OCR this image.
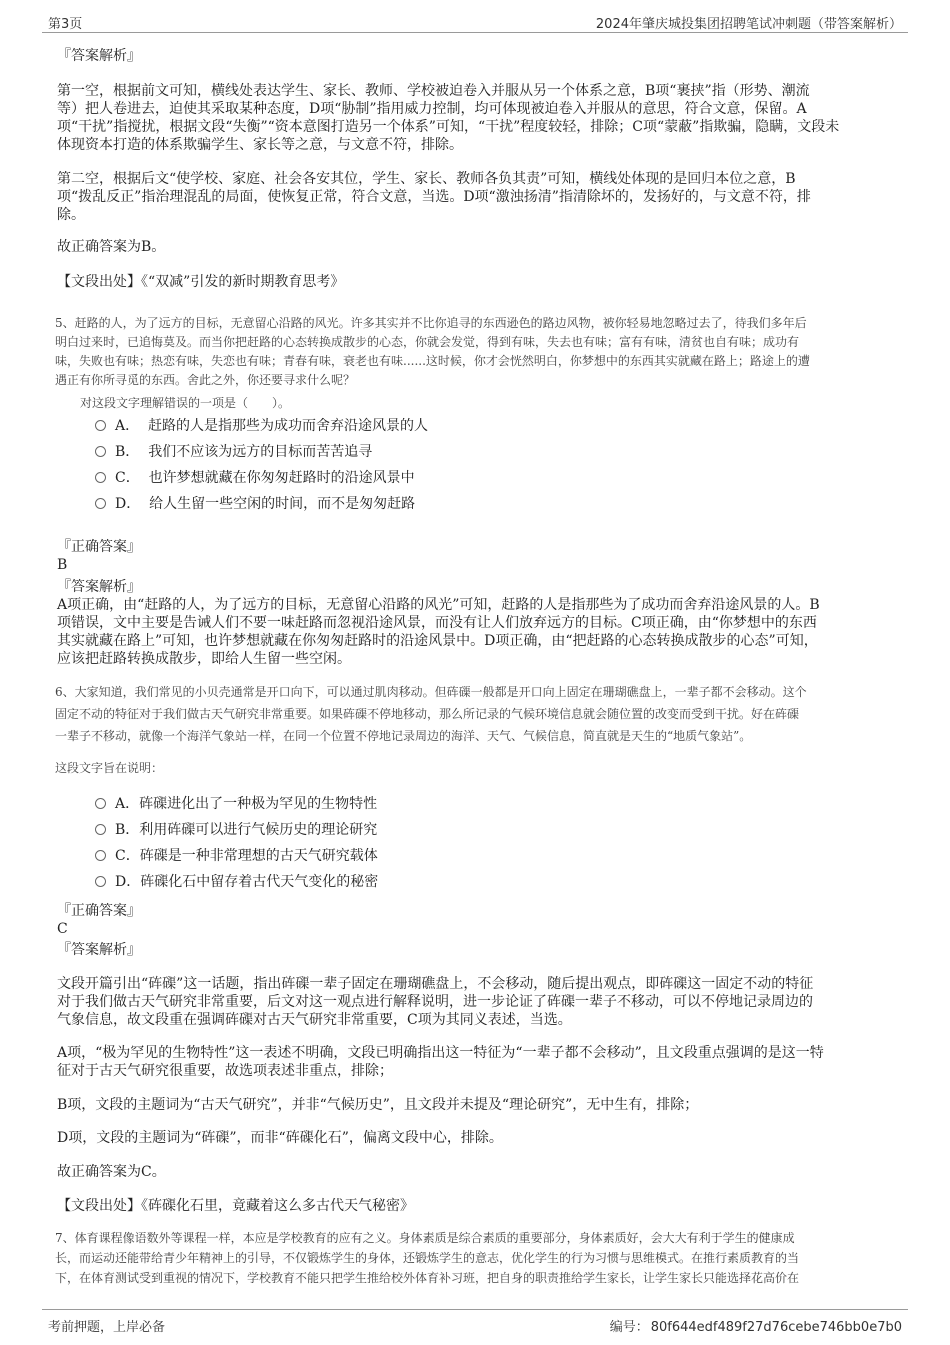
第3页	2024年肇庆城投集团招聘笔试冲刺题（带答案解析）
『答案解析』
第一空，根据前文可知，横线处表达学生、家长、教师、学校被迫卷入并服从另一个体系之意，B项“裹挟”指（形势、潮流
等）把人卷进去，迫使其采取某种态度，D项“胁制”指用威力控制，均可体现被迫卷入并服从的意思，符合文意，保留。A
项“干扰”指搅扰，根据文段“失衡”“资本意图打造另一个体系”可知，“干扰”程度较轻，排除；C项“蒙蔽”指欺骗，隐瞒，文段未
体现资本打造的体系欺骗学生、家长等之意，与文意不符，排除。
第二空，根据后文“使学校、家庭、社会各安其位，学生、家长、教师各负其责”可知，横线处体现的是回归本位之意，B
项“拨乱反正”指治理混乱的局面，使恢复正常，符合文意，当选。D项“激浊扬清”指清除坏的，发扬好的，与文意不符，排
除。
故正确答案为B。
【文段出处】《“双减”引发的新时期教育思考》
5、赶路的人，为了远方的目标，无意留心沿路的风光。许多其实并不比你追寻的东西逊色的路边风物，被你轻易地忽略过去了，待我们多年后
明白过来时，已追悔莫及。而当你把赶路的心态转换成散步的心态，你就会发觉，得到有味，失去也有味；富有有味，清贫也自有味；成功有
味，失败也有味；热恋有味，失恋也有味；青春有味，衰老也有味......这时候，你才会恍然明白，你梦想中的东西其实就藏在路上；路途上的遭
遇正有你所寻觅的东西。舍此之外，你还要寻求什么呢？
对这段文字理解错误的一项是（　　）。
A． 赶路的人是指那些为成功而舍弃沿途风景的人
B． 我们不应该为远方的目标而苦苦追寻
C． 也许梦想就藏在你匆匆赶路时的沿途风景中
D． 给人生留一些空闲的时间，而不是匆匆赶路
『正确答案』
B
『答案解析』
A项正确，由“赶路的人，为了远方的目标，无意留心沿路的风光”可知，赶路的人是指那些为了成功而舍弃沿途风景的人。B
项错误，文中主要是告诫人们不要一味赶路而忽视沿途风景，而没有让人们放弃远方的目标。C项正确，由“你梦想中的东西
其实就藏在路上”可知，也许梦想就藏在你匆匆赶路时的沿途风景中。D项正确，由“把赶路的心态转换成散步的心态”可知，
应该把赶路转换成散步，即给人生留一些空闲。
6、大家知道，我们常见的小贝壳通常是开口向下，可以通过肌肉移动。但砗磲一般都是开口向上固定在珊瑚礁盘上，一辈子都不会移动。这个
固定不动的特征对于我们做古天气研究非常重要。如果砗磲不停地移动，那么所记录的气候环境信息就会随位置的改变而受到干扰。好在砗磲
一辈子不移动，就像一个海洋气象站一样，在同一个位置不停地记录周边的海洋、天气、气候信息，简直就是天生的“地质气象站”。
这段文字旨在说明：
A．砗磲进化出了一种极为罕见的生物特性
B．利用砗磲可以进行气候历史的理论研究
C．砗磲是一种非常理想的古天气研究载体
D．砗磲化石中留存着古代天气变化的秘密
『正确答案』
C
『答案解析』
文段开篇引出“砗磲”这一话题，指出砗磲一辈子固定在珊瑚礁盘上，不会移动，随后提出观点，即砗磲这一固定不动的特征
对于我们做古天气研究非常重要，后文对这一观点进行解释说明，进一步论证了砗磲一辈子不移动，可以不停地记录周边的
气象信息，故文段重在强调砗磲对古天气研究非常重要，C项为其同义表述，当选。
A项，“极为罕见的生物特性”这一表述不明确，文段已明确指出这一特征为“一辈子都不会移动”，且文段重点强调的是这一特
征对于古天气研究很重要，故选项表述非重点，排除；
B项，文段的主题词为“古天气研究”，并非“气候历史”，且文段并未提及“理论研究”，无中生有，排除；
D项，文段的主题词为“砗磲”，而非“砗磲化石”，偏离文段中心，排除。
故正确答案为C。
【文段出处】《砗磲化石里，竟藏着这么多古代天气秘密》
7、体育课程像语数外等课程一样，本应是学校教育的应有之义。身体素质是综合素质的重要部分，身体素质好，会大大有利于学生的健康成
长，而运动还能带给青少年精神上的引导，不仅锻炼学生的身体，还锻炼学生的意志，优化学生的行为习惯与思维模式。在推行素质教育的当
下，在体育测试受到重视的情况下，学校教育不能只把学生推给校外体育补习班，把自身的职责推给学生家长，让学生家长只能选择花高价在
考前押题，上岸必备	编号： 80f644edf489f27d76cebe746bb0e7b0
